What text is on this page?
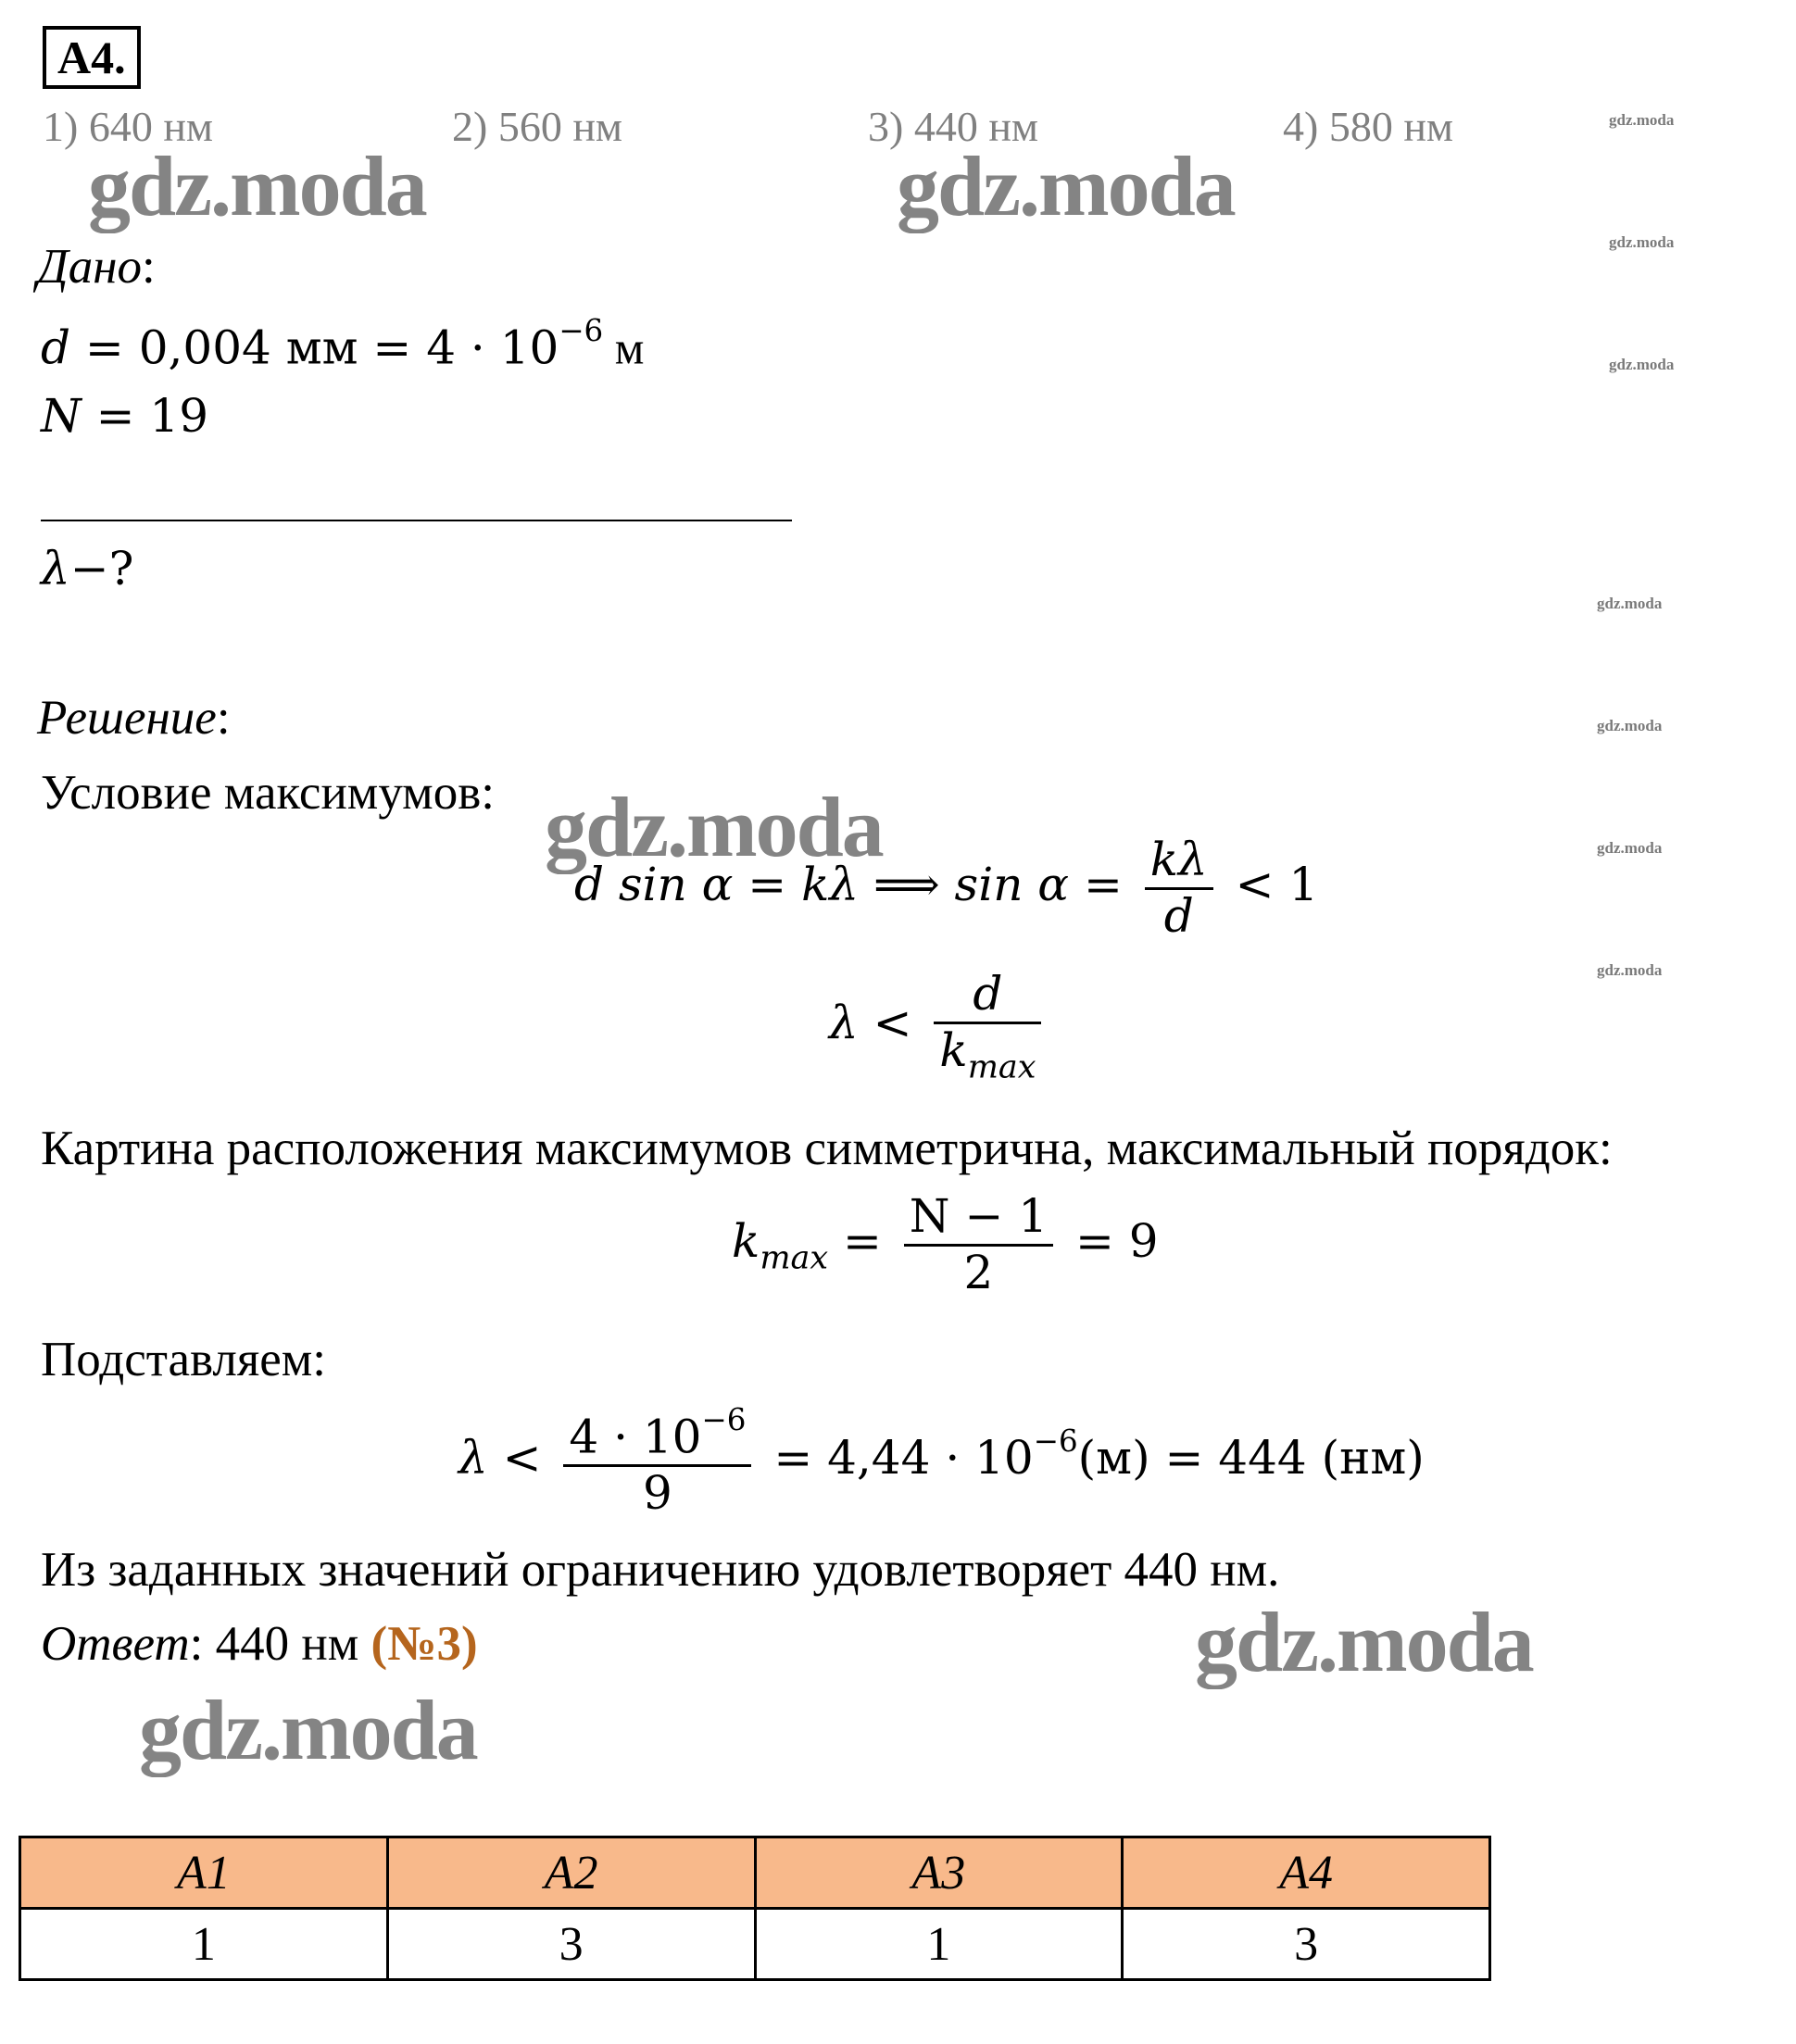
A4.
1) 640 нм	2) 560 нм	3) 440 нм	4) 580 нм
gdz.moda	gdz.moda
gdz.moda
gdz.moda
gdz.moda
gdz.moda
gdz.moda
gdz.moda
gdz.moda
gdz.moda
gdz.moda
gdz.moda
Дано:
d = 0,004 мм = $4 \cdot 10^{-6}$ м
N = 19
λ−?
Решение:
Условие максимумов:
d sin α = kλ ⟹ $\sin \alpha = \frac{k\lambda}{d} < 1$
$\lambda < \frac{d}{k_{max}}$
Картина расположения максимумов симметрична, максимальный порядок:
$k_{max} = \frac{N - 1}{2} = 9$
Подставляем:
$\lambda < \frac{4 \cdot 10^{-6}}{9} = 4,44 \cdot 10^{-6}(м) = 444$ (нм)
Из заданных значений ограничению удовлетворяет 440 нм.
Ответ: 440 нм (№3)
A1	A2	A3	A4
1	3	1	3
